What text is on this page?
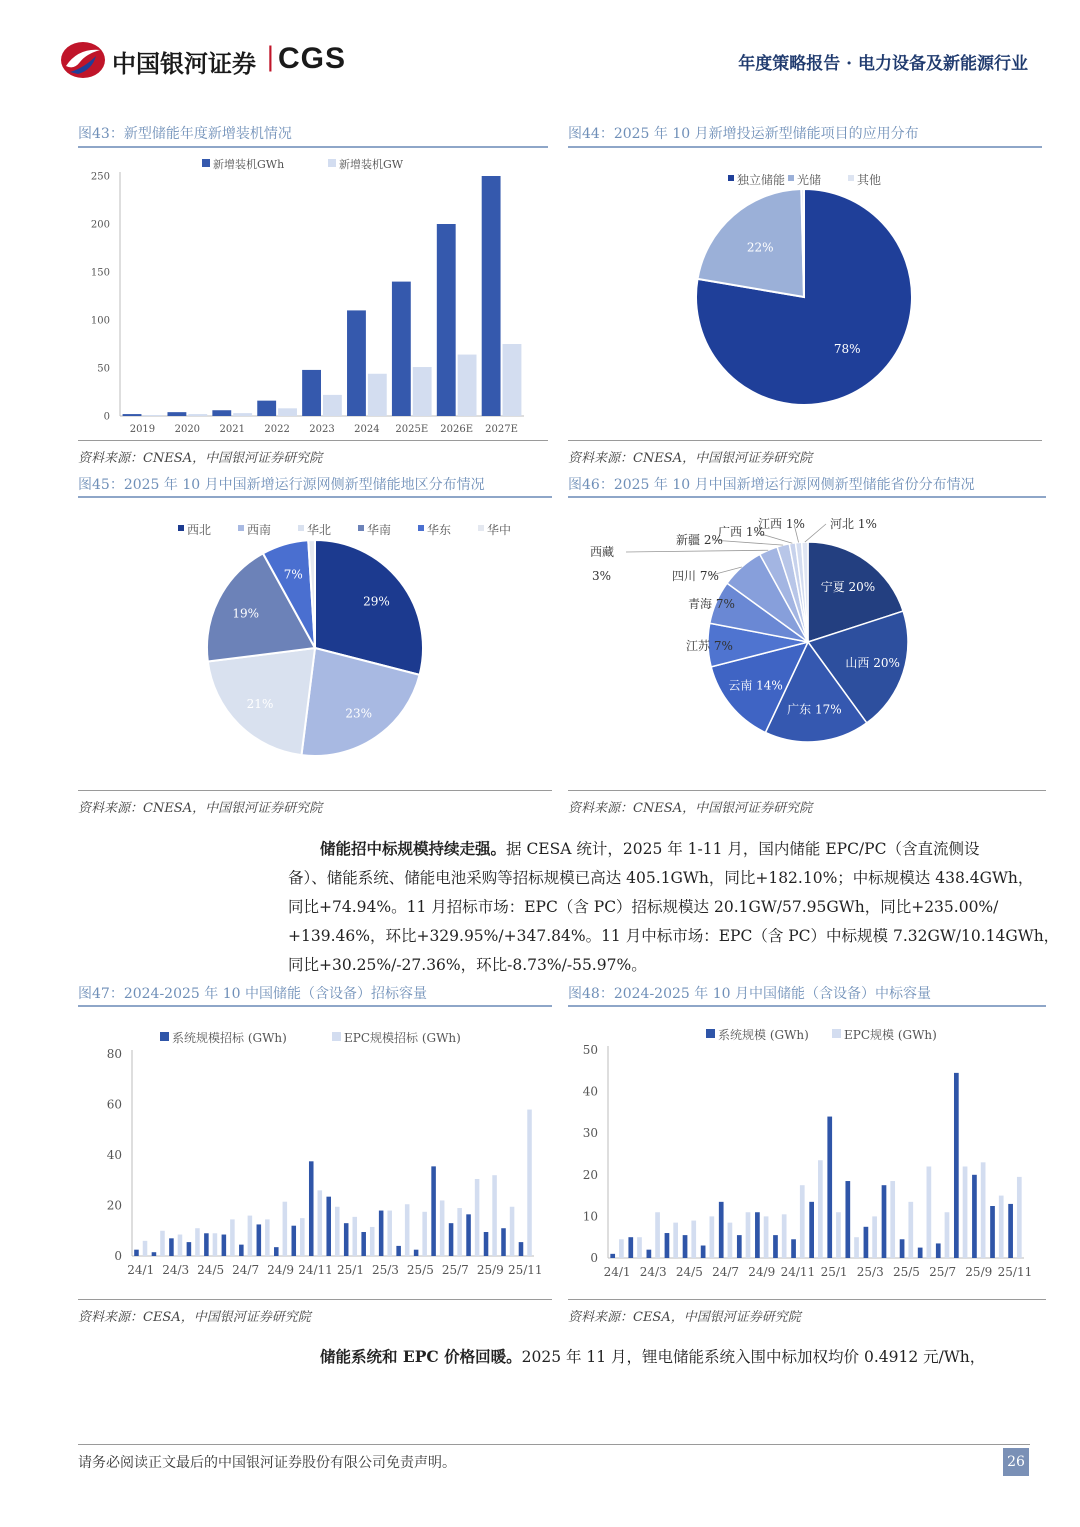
中国银河证券 | CGS	年度策略报告 · 电力设备及新能源行业
图43：新型储能年度新增装机情况
0
50
100
150
200
250
2019 2020 2021 2022 2023 2024 2025E 2026E 2027E
新增装机GWh	新增装机GW
资料来源：CNESA，中国银河证券研究院
图44：2025 年 10 月新增投运新型储能项目的应用分布
78%
22%
独立储能 光储	其他
资料来源：CNESA，中国银河证券研究院
图45：2025 年 10 月中国新增运行源网侧新型储能地区分布情况
29%
23%
21%
19%
7%
西北	西南	华北	华南	华东	华中
资料来源：CNESA，中国银河证券研究院
图46：2025 年 10 月中国新增运行源网侧新型储能省份分布情况
宁夏 20%
山西 20%
广东 17%
云南 14%
江苏 7%
青海 7%
四川 7%
西藏
3%
新疆 2%
广西 1%
江西 1% 河北 1%
资料来源：CNESA，中国银河证券研究院
储能招中标规模持续走强。据 CESA 统计，2025 年 1-11 月，国内储能 EPC/PC（含直流侧设
备）、储能系统、储能电池采购等招标规模已高达 405.1GWh，同比+182.10%；中标规模达 438.4GWh，
同比+74.94%。11 月招标市场：EPC（含 PC）招标规模达 20.1GW/57.95GWh，同比+235.00%/
+139.46%，环比+329.95%/+347.84%。11 月中标市场：EPC（含 PC）中标规模 7.32GW/10.14GWh，
同比+30.25%/-27.36%，环比-8.73%/-55.97%。
图47：2024-2025 年 10 中国储能（含设备）招标容量
0
20
40
60
80
24/1 24/3 24/5 24/7 24/9 24/11 25/1 25/3 25/5 25/7 25/9 25/11
系统规模招标 (GWh)	EPC规模招标 (GWh)
资料来源：CESA，中国银河证券研究院
图48：2024-2025 年 10 月中国储能（含设备）中标容量
0
10
20
30
40
50
24/1 24/3 24/5 24/7 24/9 24/11 25/1 25/3 25/5 25/7 25/9 25/11
系统规模 (GWh)	EPC规模 (GWh)
资料来源：CESA，中国银河证券研究院
储能系统和 EPC 价格回暖。2025 年 11 月，锂电储能系统入围中标加权均价 0.4912 元/Wh，
请务必阅读正文最后的中国银河证券股份有限公司免责声明。	26
